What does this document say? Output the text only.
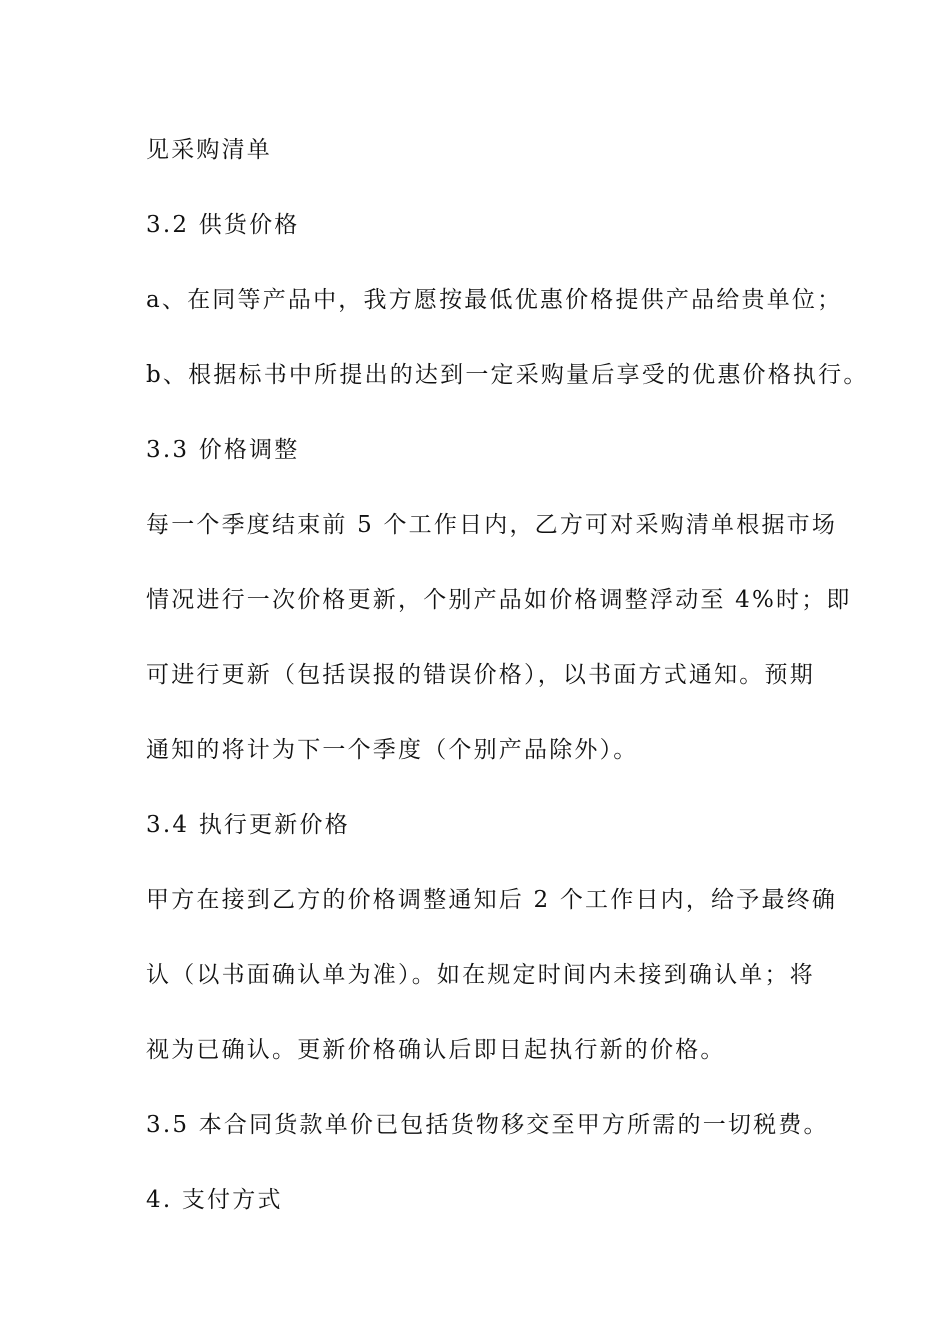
见采购清单
3.2 供货价格
a、在同等产品中，我方愿按最低优惠价格提供产品给贵单位；
b、根据标书中所提出的达到一定采购量后享受的优惠价格执行。
3.3 价格调整
每一个季度结束前 5 个工作日内，乙方可对采购清单根据市场
情况进行一次价格更新，个别产品如价格调整浮动至 4%时；即
可进行更新（包括误报的错误价格），以书面方式通知。预期
通知的将计为下一个季度（个别产品除外）。
3.4 执行更新价格
甲方在接到乙方的价格调整通知后 2 个工作日内，给予最终确
认（以书面确认单为准）。如在规定时间内未接到确认单；将
视为已确认。更新价格确认后即日起执行新的价格。
3.5 本合同货款单价已包括货物移交至甲方所需的一切税费。
4. 支付方式
